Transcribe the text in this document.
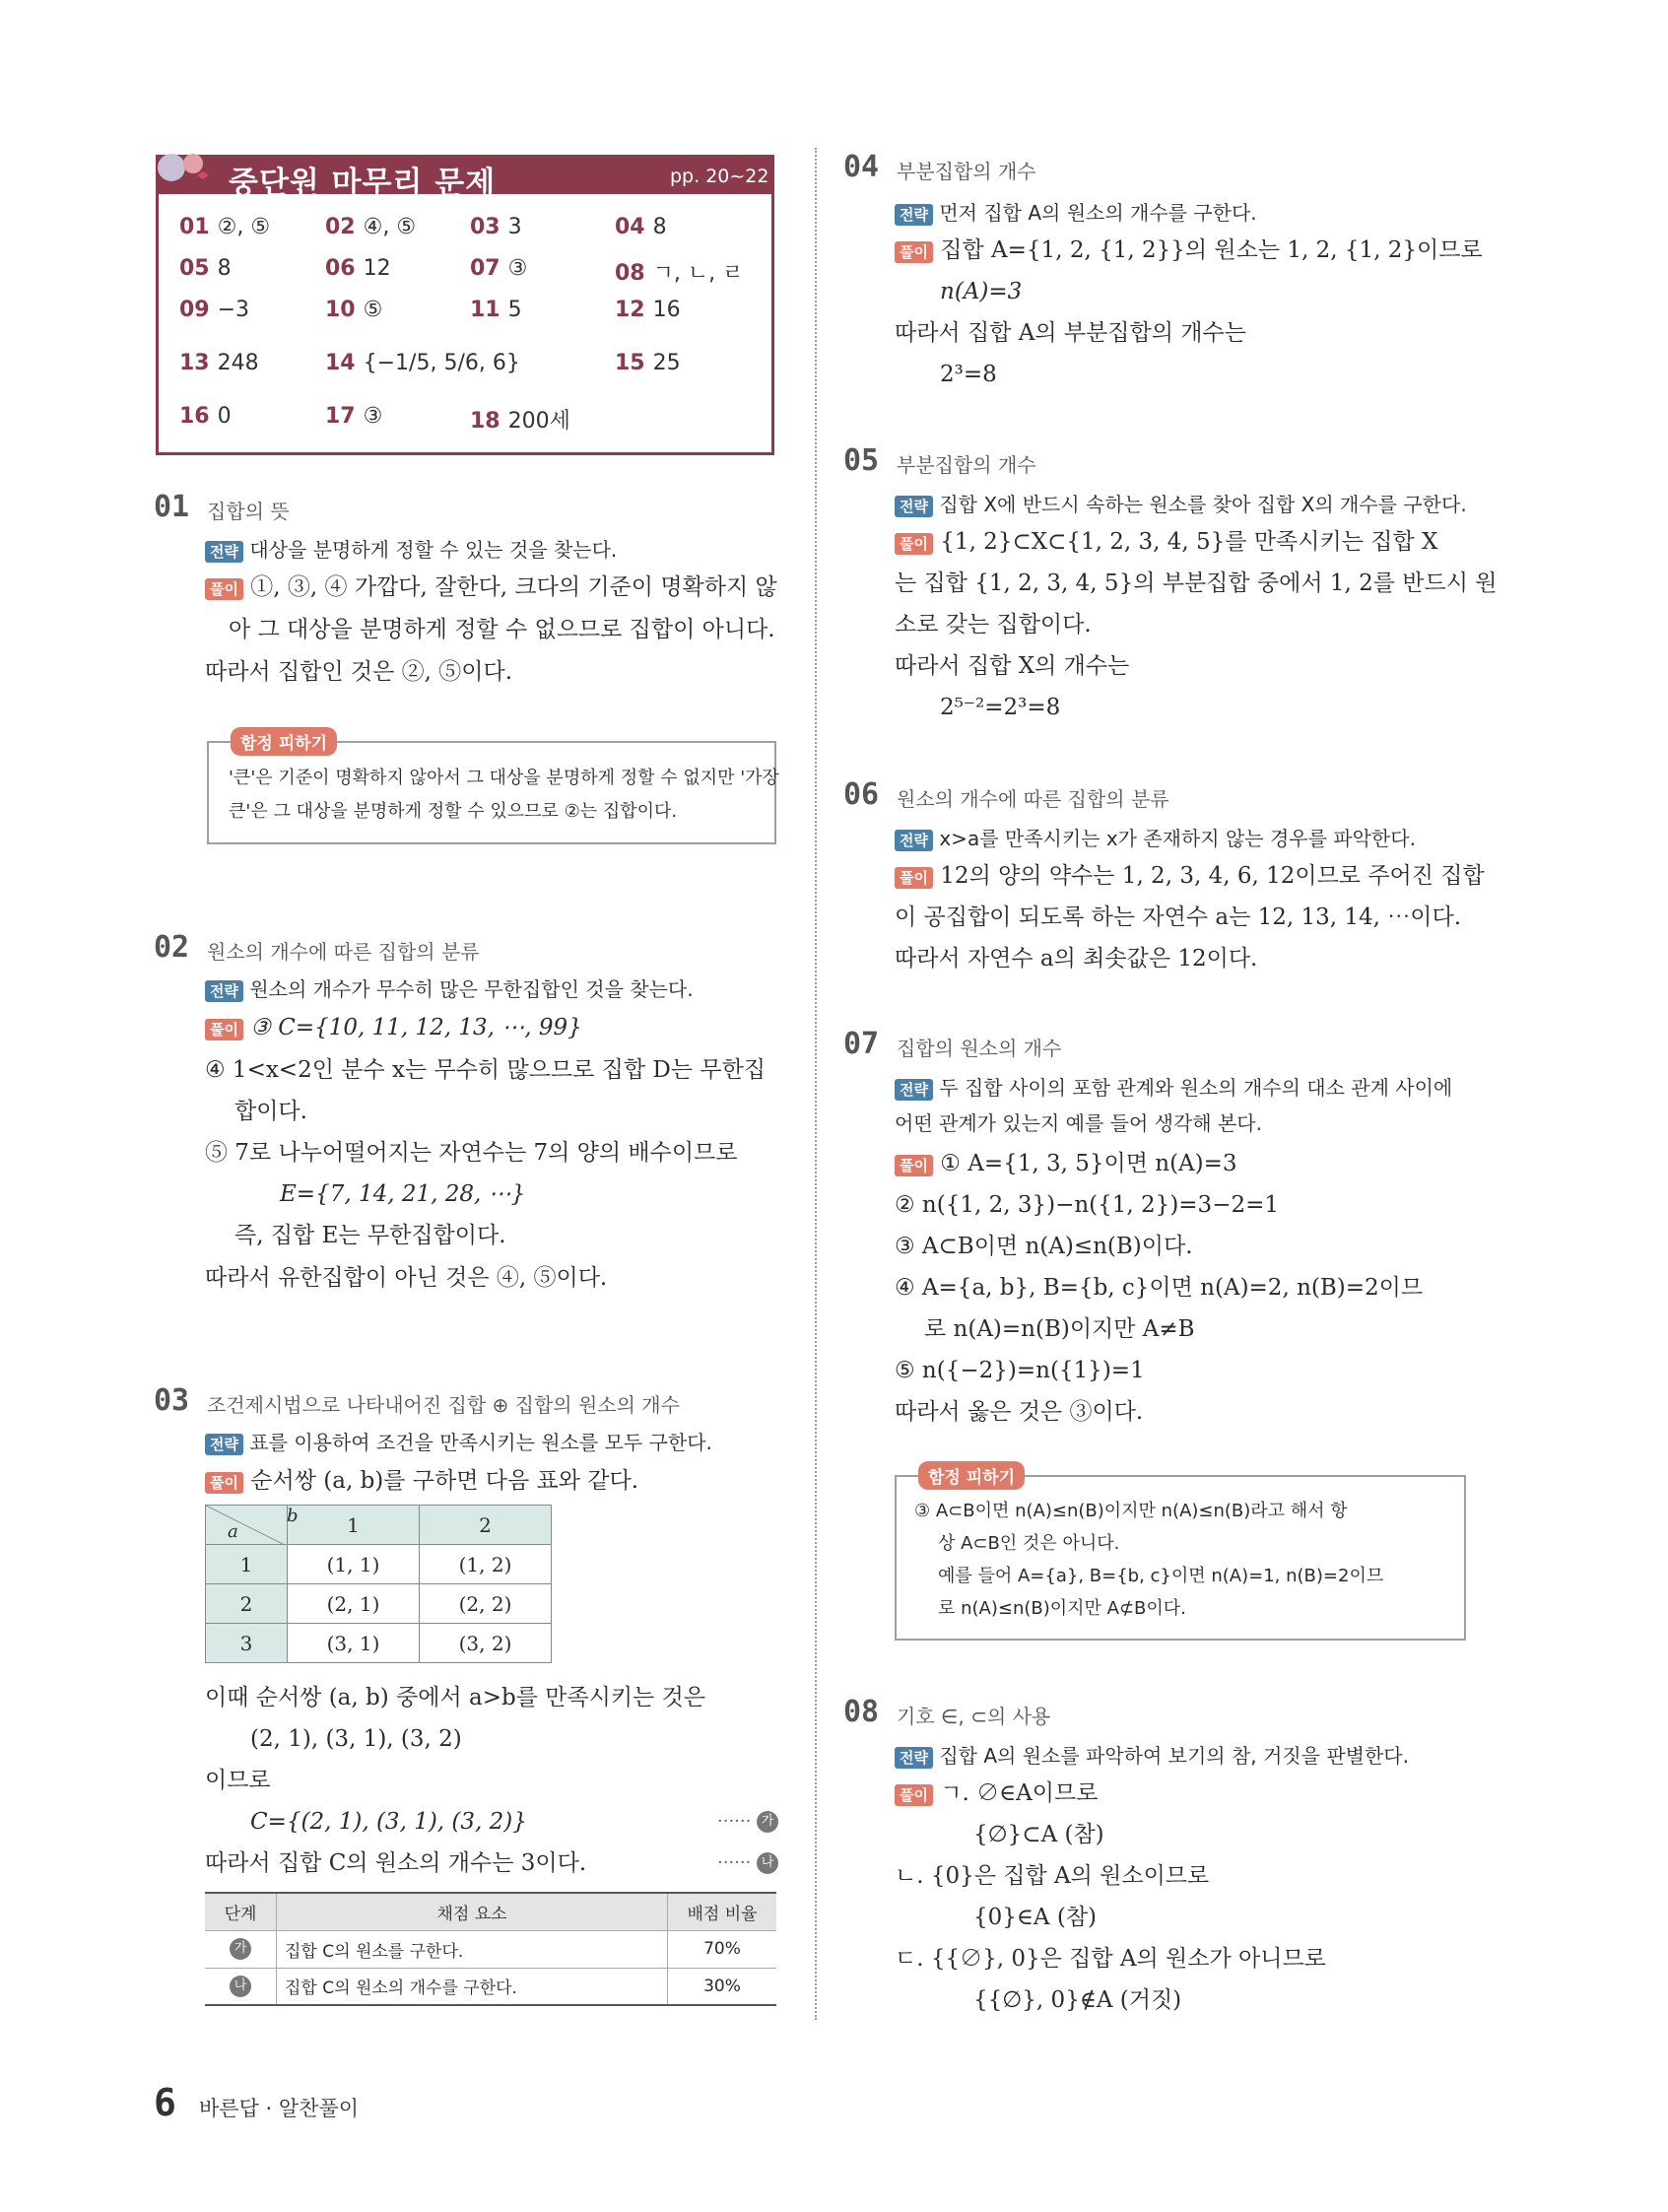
중단원 마무리 문제	pp. 20~22
01 ②, ⑤	02 ④, ⑤ 03 3	04 8
05 8	06 12	07 ③	08 ㄱ, ㄴ, ㄹ
09 −3	10 ⑤	11 5	12 16
13 248	14 {−1/5, 5/6, 6}	15 25
16 0	17 ③	18 200세
01 집합의 뜻
전략 대상을 분명하게 정할 수 있는 것을 찾는다.
풀이 ①, ③, ④ 가깝다, 잘한다, 크다의 기준이 명확하지 않
아 그 대상을 분명하게 정할 수 없으므로 집합이 아니다.
따라서 집합인 것은 ②, ⑤이다.
함정 피하기
'큰'은 기준이 명확하지 않아서 그 대상을 분명하게 정할 수 없지만 '가장
큰'은 그 대상을 분명하게 정할 수 있으므로 ②는 집합이다.
02 원소의 개수에 따른 집합의 분류
전략 원소의 개수가 무수히 많은 무한집합인 것을 찾는다.
풀이 ③ C={10, 11, 12, 13, ⋯, 99}
④ 1<x<2인 분수 x는 무수히 많으므로 집합 D는 무한집
합이다.
⑤ 7로 나누어떨어지는 자연수는 7의 양의 배수이므로
E={7, 14, 21, 28, ⋯}
즉, 집합 E는 무한집합이다.
따라서 유한집합이 아닌 것은 ④, ⑤이다.
03 조건제시법으로 나타내어진 집합 ⊕ 집합의 원소의 개수
전략 표를 이용하여 조건을 만족시키는 원소를 모두 구한다.
풀이 순서쌍 (a, b)를 구하면 다음 표와 같다.
a
b	1	2
1	(1, 1)	(1, 2)
2	(2, 1)	(2, 2)
3	(3, 1)	(3, 2)
이때 순서쌍 (a, b) 중에서 a>b를 만족시키는 것은
(2, 1), (3, 1), (3, 2)
이므로
C={(2, 1), (3, 1), (3, 2)}	······ 가
따라서 집합 C의 원소의 개수는 3이다.	······ 나
단계	채점 요소	배점 비율
가	집합 C의 원소를 구한다.	70%
나	집합 C의 원소의 개수를 구한다.	30%
04 부분집합의 개수
전략 먼저 집합 A의 원소의 개수를 구한다.
풀이 집합 A={1, 2, {1, 2}}의 원소는 1, 2, {1, 2}이므로
n(A)=3
따라서 집합 A의 부분집합의 개수는
2³=8
05 부분집합의 개수
전략 집합 X에 반드시 속하는 원소를 찾아 집합 X의 개수를 구한다.
풀이 {1, 2}⊂X⊂{1, 2, 3, 4, 5}를 만족시키는 집합 X
는 집합 {1, 2, 3, 4, 5}의 부분집합 중에서 1, 2를 반드시 원
소로 갖는 집합이다.
따라서 집합 X의 개수는
2⁵⁻²=2³=8
06 원소의 개수에 따른 집합의 분류
전략 x>a를 만족시키는 x가 존재하지 않는 경우를 파악한다.
풀이 12의 양의 약수는 1, 2, 3, 4, 6, 12이므로 주어진 집합
이 공집합이 되도록 하는 자연수 a는 12, 13, 14, ⋯이다.
따라서 자연수 a의 최솟값은 12이다.
07 집합의 원소의 개수
전략 두 집합 사이의 포함 관계와 원소의 개수의 대소 관계 사이에
어떤 관계가 있는지 예를 들어 생각해 본다.
풀이 ① A={1, 3, 5}이면 n(A)=3
② n({1, 2, 3})−n({1, 2})=3−2=1
③ A⊂B이면 n(A)≤n(B)이다.
④ A={a, b}, B={b, c}이면 n(A)=2, n(B)=2이므
로 n(A)=n(B)이지만 A≠B
⑤ n({−2})=n({1})=1
따라서 옳은 것은 ③이다.
함정 피하기
③ A⊂B이면 n(A)≤n(B)이지만 n(A)≤n(B)라고 해서 항
상 A⊂B인 것은 아니다.
예를 들어 A={a}, B={b, c}이면 n(A)=1, n(B)=2이므
로 n(A)≤n(B)이지만 A⊄B이다.
08 기호 ∈, ⊂의 사용
전략 집합 A의 원소를 파악하여 보기의 참, 거짓을 판별한다.
풀이 ㄱ. ∅∈A이므로
{∅}⊂A (참)
ㄴ. {0}은 집합 A의 원소이므로
{0}∈A (참)
ㄷ. {{∅}, 0}은 집합 A의 원소가 아니므로
{{∅}, 0}∉A (거짓)
6 바른답 · 알찬풀이
